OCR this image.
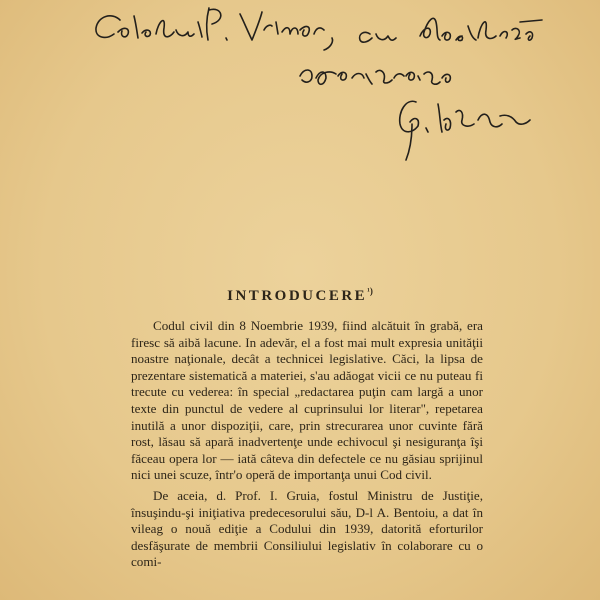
$INTRODUCERE^{^1)}$

Codul civil din 8 Noembrie 1939, fiind alcătuit în grabă, era firesc să aibă lacune. In adevăr, el a fost mai mult expresia unităţii noastre naţionale, decât a technicei legislative. Căci, la lipsa de prezentare sistematică a materiei, s'au adăogat vicii ce nu puteau fi trecute cu vederea: în special „redactarea puţin cam largă a unor texte din punctul de vedere al cuprinsului lor literar", repetarea inutilă a unor dispoziţii, care, prin strecurarea unor cuvinte fără rost, lăsau să apară inadvertenţe unde echivocul şi nesiguranţa îşi făceau opera lor — iată câteva din defectele ce nu găsiau sprijinul nici unei scuze, într'o operă de importanţa unui Cod civil.

De aceia, d. Prof. I. Gruia, fostul Ministru de Justiţie, însuşindu-şi iniţiativa predecesorului său, D-l A. Bentoiu, a dat în vileag o nouă ediţie a Codului din 1939, datorită eforturilor desfăşurate de membrii Consiliului legislativ în colaborare cu o comi-
